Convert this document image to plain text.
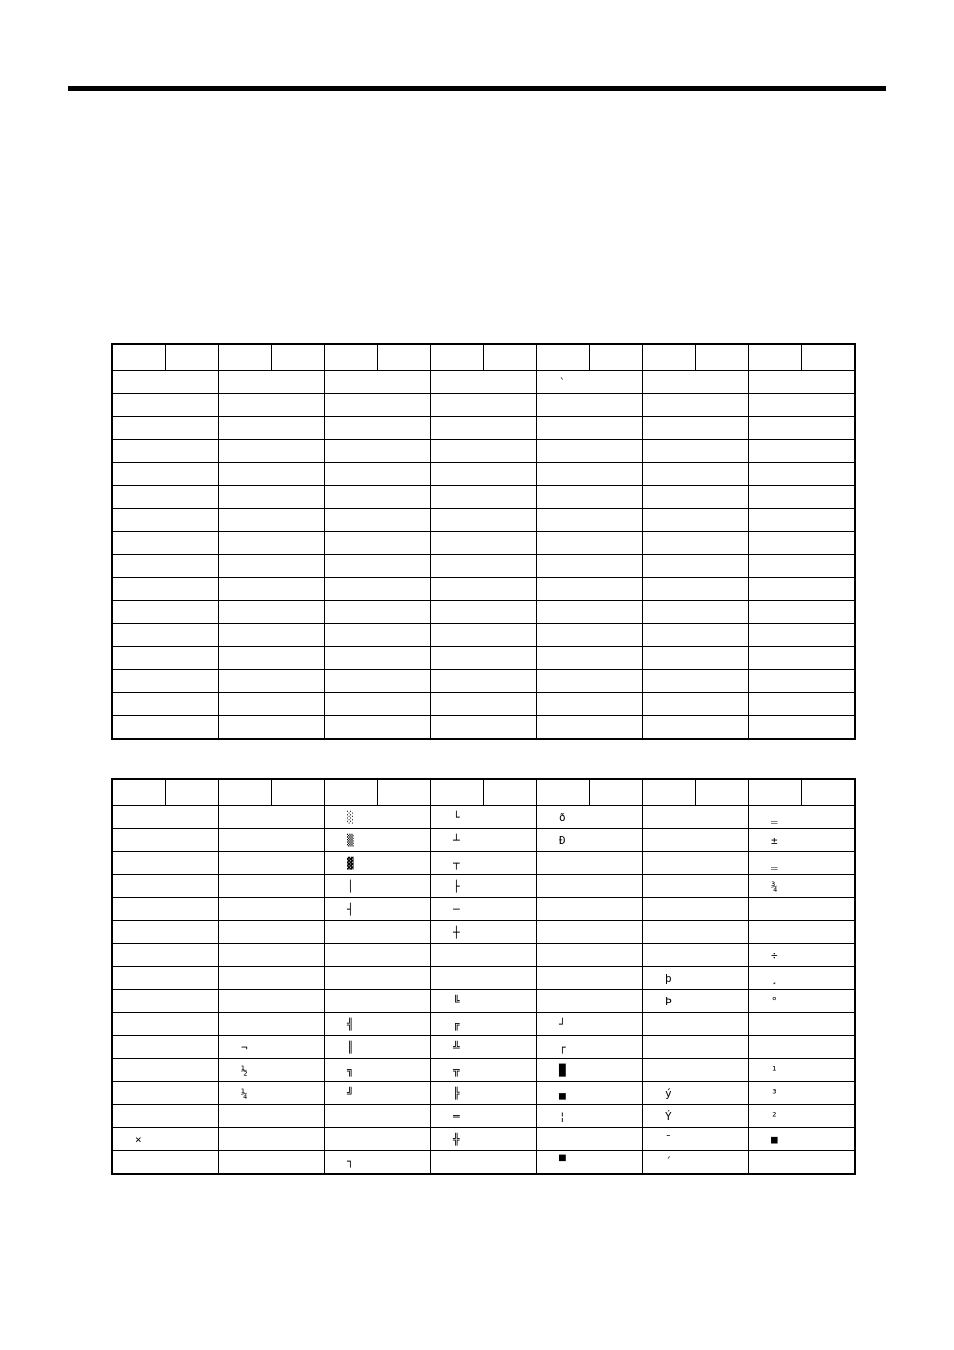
								`					

				░		└		ð				‗	
				▒		┴		Ð				±	
				▓		┬						‗	
				│		├						¾	
				┤		─							
						┼							
												÷	
										þ		¸	
						╚				Þ		°	
				╣		╔		┘					
		¬		║		╩		┌					
		½		╗		╦		█				¹	
		¼		╝		╠		▄		ý		³	
						═		¦		Ý		²	
×						╬				¯		■	
				┐				▀		´			
